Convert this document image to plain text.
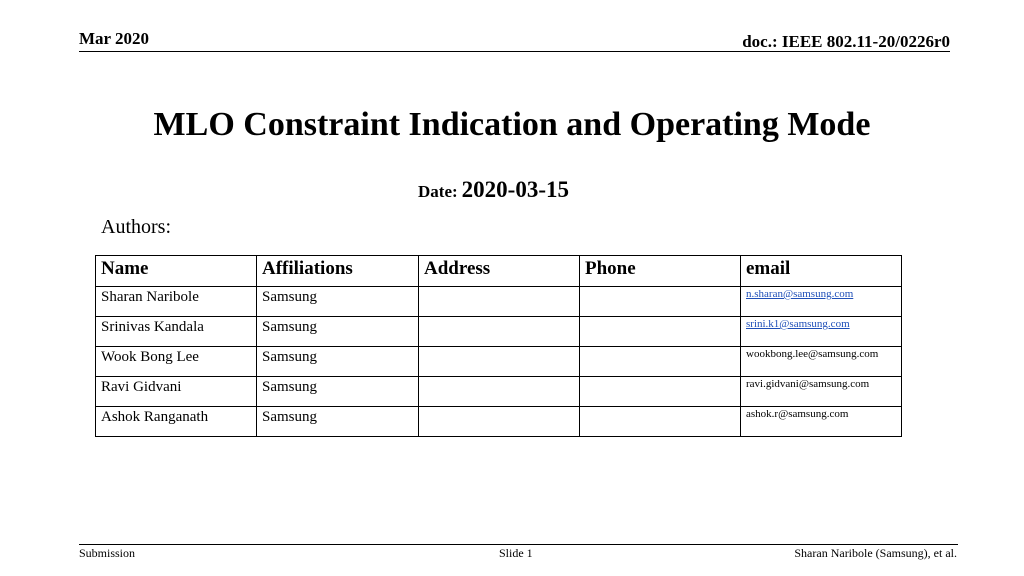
Mar 2020	doc.: IEEE 802.11-20/0226r0
MLO Constraint Indication and Operating Mode
Date: 2020-03-15
Authors:
Name	Affiliations	Address	Phone	email
Sharan Naribole	Samsung			n.sharan@samsung.com
Srinivas Kandala	Samsung			srini.k1@samsung.com
Wook Bong Lee	Samsung			wookbong.lee@samsung.com
Ravi Gidvani	Samsung			ravi.gidvani@samsung.com
Ashok Ranganath	Samsung			ashok.r@samsung.com
Submission	Slide 1	Sharan Naribole (Samsung), et al.
